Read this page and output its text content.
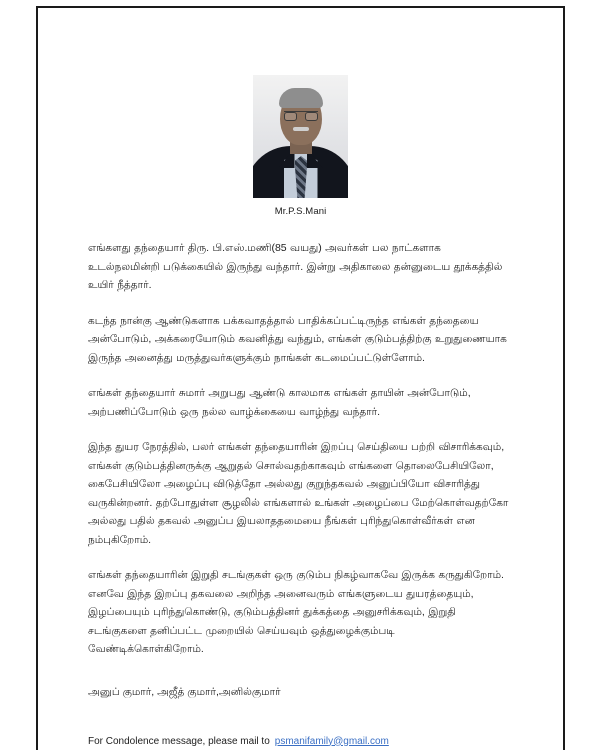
Mr.P.S.Mani

எங்களது தந்தையார் திரு. பி.எஸ்.மணி(85 வயது) அவர்கள் பல நாட்களாக உடல்நலமின்றி படுக்கையில் இருந்து வந்தார். இன்று அதிகாலை தன்னுடைய தூக்கத்தில் உயிர் நீத்தார்.

கடந்த நான்கு ஆண்டுகளாக பக்கவாதத்தால் பாதிக்கப்பட்டிருந்த எங்கள் தந்தையை அன்போடும், அக்கரையோடும் கவனித்து வந்தும், எங்கள் குடும்பத்திற்கு உறுதுணையாக இருந்த அனைத்து மருத்துவர்களுக்கும் நாங்கள் கடமைப்பட்டுள்ளோம்.

எங்கள் தந்தையார் சுமார் அறுபது ஆண்டு காலமாக எங்கள் தாயின் அன்போடும், அற்பணிப்போடும் ஒரு நல்ல வாழ்க்கையை வாழ்ந்து வந்தார்.

இந்த துயர நேரத்தில், பலர் எங்கள் தந்தையாரின் இறப்பு செய்தியை பற்றி விசாரிக்கவும், எங்கள் குடும்பத்தினருக்கு ஆறுதல் சொல்வதற்காகவும் எங்களை தொலைபேசியிலோ, கைபேசியிலோ அழைப்பு விடுத்தோ அல்லது குறுந்தகவல் அனுப்பியோ விசாரித்து வருகின்றனர். தற்போதுள்ள சூழலில் எங்களால் உங்கள் அழைப்பை மேற்கொள்வதற்கோ அல்லது பதில் தகவல் அனுப்ப இயலாததமையை நீங்கள் புரிந்துகொள்வீர்கள் என நம்புகிறோம்.

எங்கள் தந்தையாரின் இறுதி சடங்குகள் ஒரு குடும்ப நிகழ்வாகவே இருக்க கருதுகிறோம். எனவே இந்த இறப்பு தகவலை அறிந்த அனைவரும் எங்களுடைய துயரத்தையும், இழப்பையும் புரிந்துகொண்டு, குடும்பத்தினர் துக்கத்தை அனுசரிக்கவும், இறுதி சடங்குகளை தனிப்பட்ட முறையில் செய்யவும் ஒத்துழைக்கும்படி வேண்டிக்கொள்கிறோம்.

அனுப் குமார், அஜீத் குமார்,அனில்குமார்

For Condolence message, please mail to psmanifamily@gmail.com
